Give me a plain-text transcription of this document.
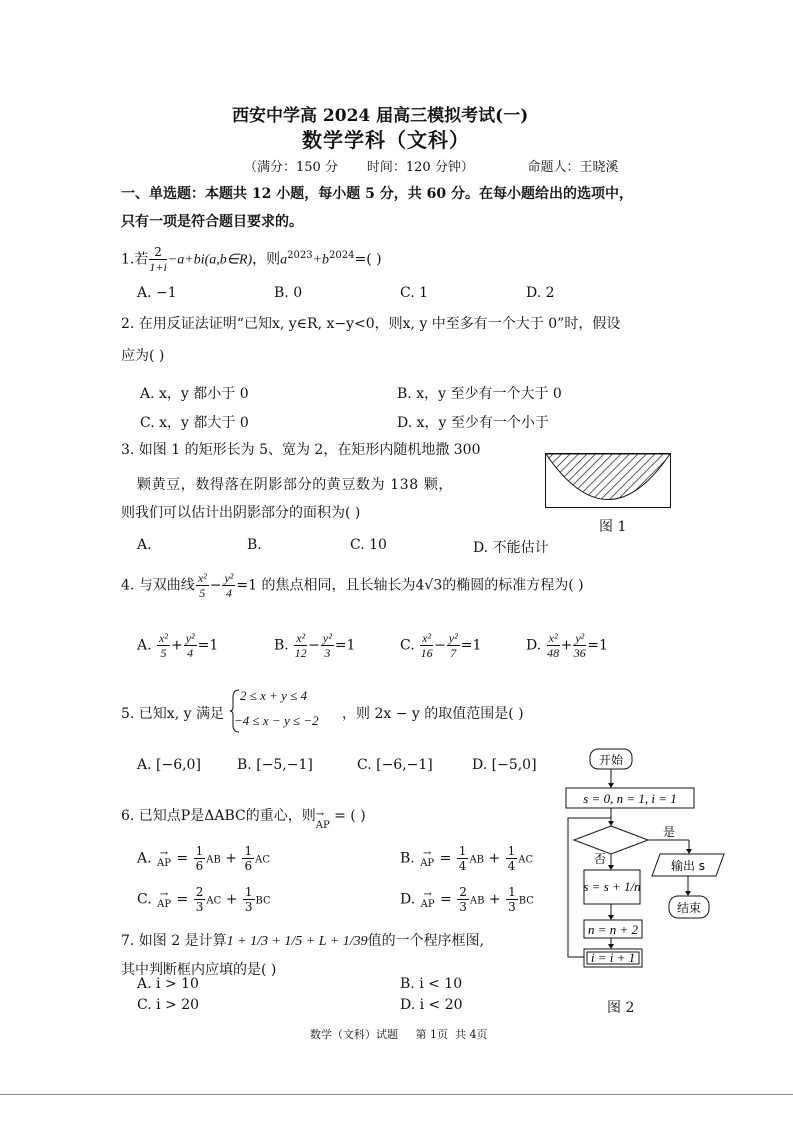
西安中学高 2024 届高三模拟考试(一)
数学学科（文科）
（满分：150 分       时间：120 分钟）             命题人：王晓溪
一、单选题：本题共 12 小题，每小题 5 分，共 60 分。在每小题给出的选项中，
只有一项是符合题目要求的。
1.若 $\frac{2}{1+i}$ −a+bi(a,b∈R)，则$a^{2023}+b^{2024}=$( )
A. −1	B. 0	C. 1	D. 2
2. 在用反证法证明“已知x, y∈R, x−y<0，则x, y 中至多有一个大于 0”时，假设
应为( )
A. x，y 都小于 0	B. x，y 至少有一个大于 0
C. x，y 都大于 0	D. x，y 至少有一个小于
3. 如图 1 的矩形长为 5、宽为 2，在矩形内随机地撒 300
颗黄豆，数得落在阴影部分的黄豆数为 138 颗，
则我们可以估计出阴影部分的面积为( )
图 1
A.	B.	C. 10	D. 不能估计
4. 与双曲线 $\frac{\text{x²}}{5} - \frac{\text{y²}}{4} =1$ 的焦点相同，且长轴长为4√3的椭圆的标准方程为( )
A. $\frac{\text{x²}}{5} + \frac{\text{y²}}{4} =1$	B. $\frac{\text{x²}}{12} - \frac{\text{y²}}{3} =1$	C. $\frac{\text{x²}}{16} - \frac{\text{y²}}{7} =1$	D. $\frac{\text{x²}}{48} + \frac{\text{y²}}{36} =1$
5. 已知x, y 满足
2 ≤ x + y ≤ 4
−4 ≤ x − y ≤ −2 ，则 2x − y 的取值范围是( )
A. [−6,0]	B. [−5,−1]	C. [−6,−1]	D. [−5,0]
6. 已知点P是ΔABC的重心，则→
AP = ( )
A. →
AP = $\frac{1}{6}$ AB + $\frac{1}{6}$ AC	B. →
AP = $\frac{1}{4}$ AB + $\frac{1}{4}$ AC
C. →
AP = $\frac{2}{3}$ AC + $\frac{1}{3}$ BC	D. →
AP = $\frac{2}{3}$ AB + $\frac{1}{3}$ BC
7. 如图 2 是计算1 + 1/3 + 1/5 + L + 1/39值的一个程序框图,
其中判断框内应填的是( )
A. i > 10	B. i < 10
C. i > 20	D. i < 20
开始
s = 0, n = 1, i = 1
是
输出 s
结束
否
s = s + 1/n
n = n + 2
i = i + 1
图 2
数学（文科）试题     第 1页  共 4页
